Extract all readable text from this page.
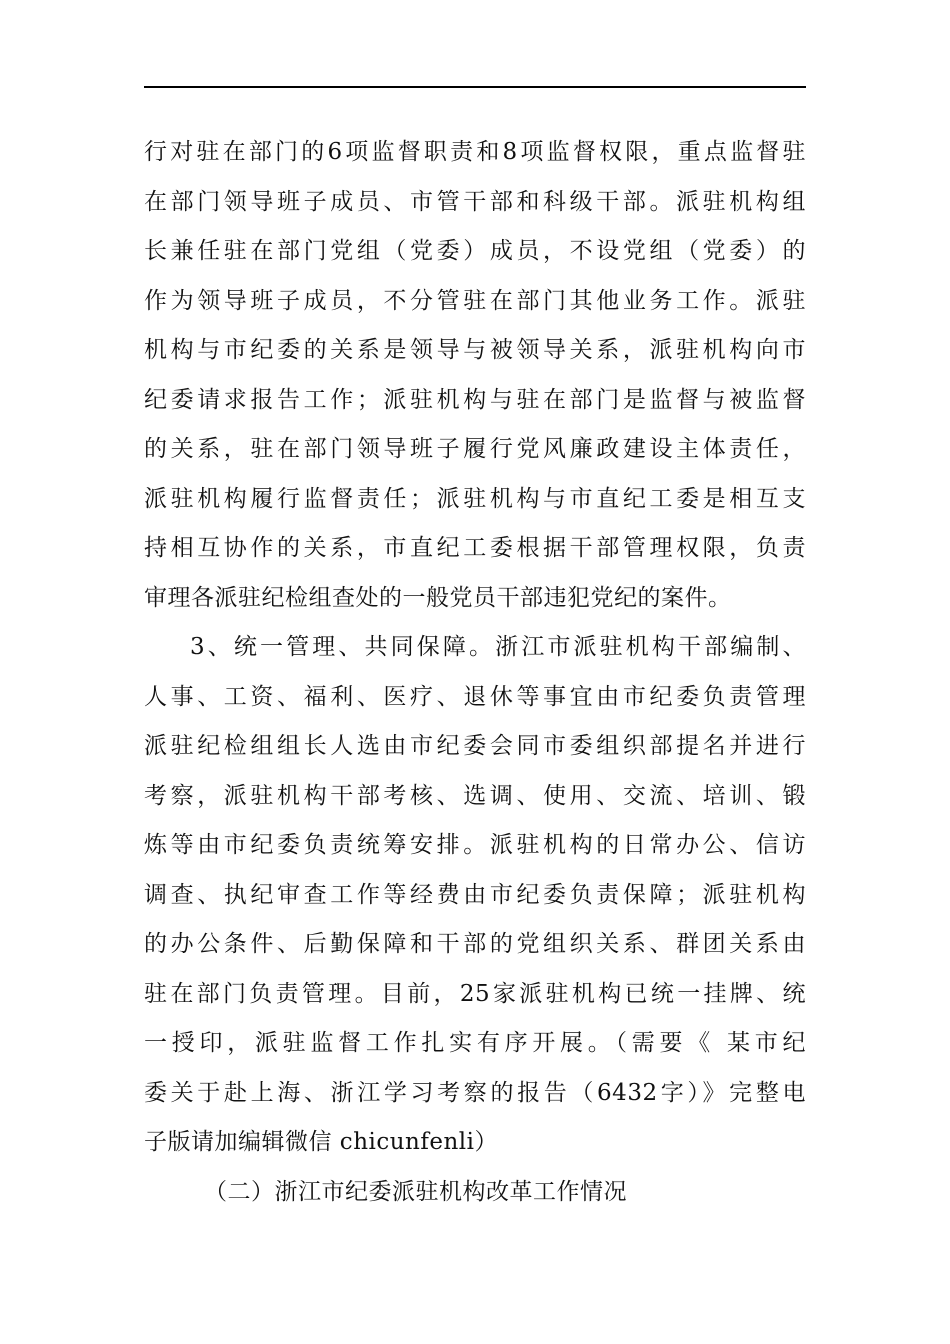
行对驻在部门的6项监督职责和8项监督权限，重点监督驻
在部门领导班子成员、市管干部和科级干部。派驻机构组
长兼任驻在部门党组（党委）成员，不设党组（党委）的
作为领导班子成员，不分管驻在部门其他业务工作。派驻
机构与市纪委的关系是领导与被领导关系，派驻机构向市
纪委请求报告工作；派驻机构与驻在部门是监督与被监督
的关系，驻在部门领导班子履行党风廉政建设主体责任，
派驻机构履行监督责任；派驻机构与市直纪工委是相互支
持相互协作的关系，市直纪工委根据干部管理权限，负责
审理各派驻纪检组查处的一般党员干部违犯党纪的案件。
3、统一管理、共同保障。浙江市派驻机构干部编制、
人事、工资、福利、医疗、退休等事宜由市纪委负责管理
派驻纪检组组长人选由市纪委会同市委组织部提名并进行
考察，派驻机构干部考核、选调、使用、交流、培训、锻
炼等由市纪委负责统筹安排。派驻机构的日常办公、信访
调查、执纪审查工作等经费由市纪委负责保障；派驻机构
的办公条件、后勤保障和干部的党组织关系、群团关系由
驻在部门负责管理。目前，25家派驻机构已统一挂牌、统
一授印，派驻监督工作扎实有序开展。（需要《 某市纪
委关于赴上海、浙江学习考察的报告（6432字）》完整电
子版请加编辑微信 chicunfenli）
（二）浙江市纪委派驻机构改革工作情况
